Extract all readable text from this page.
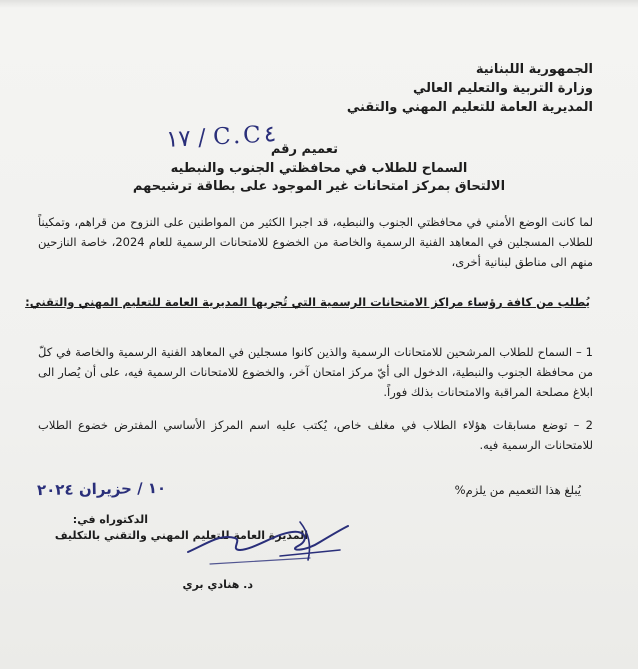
الجمهورية اللبنانية
وزارة التربية والتعليم العالي
المديرية العامة للتعليم المهني والتقني
تعميم رقم
C.C٤ / ١٧
السماح للطلاب في محافظتي الجنوب والنبطيه
الالتحاق بمركز امتحانات غير الموجود على بطاقة ترشيحهم
لما كانت الوضع الأمني في محافظتي الجنوب والنبطيه، قد اجبرا الكثير من المواطنين على النزوح من قراهم، وتمكيناً للطلاب المسجلين في المعاهد الفنية الرسمية والخاصة من الخضوع للامتحانات الرسمية للعام 2024، خاصة النازحين منهم الى مناطق لبنانية أخرى،
يُطلب من كافة رؤساء مراكز الامتحانات الرسمية التي تُجريها المديرية العامة للتعليم المهني والتقني:
1 – السماح للطلاب المرشحين للامتحانات الرسمية والذين كانوا مسجلين في المعاهد الفنية الرسمية والخاصة في كلّ من محافظة الجنوب والنبطية، الدخول الى أيّ مركز امتحان آخر، والخضوع للامتحانات الرسمية فيه، على أن يُصار الى ابلاغ مصلحة المراقبة والامتحانات بذلك فوراً.
2 – توضع مسابقات هؤلاء الطلاب في مغلف خاص، يُكتب عليه اسم المركز الأساسي المفترض خضوع الطلاب للامتحانات الرسمية فيه.
يُبلغ هذا التعميم من يلزم%
١٠ / حزيران ٢٠٢٤
الدكتوراه في:
المديرة العامة للتعليم المهني والتقني بالتكليف
د. هنادي بري
